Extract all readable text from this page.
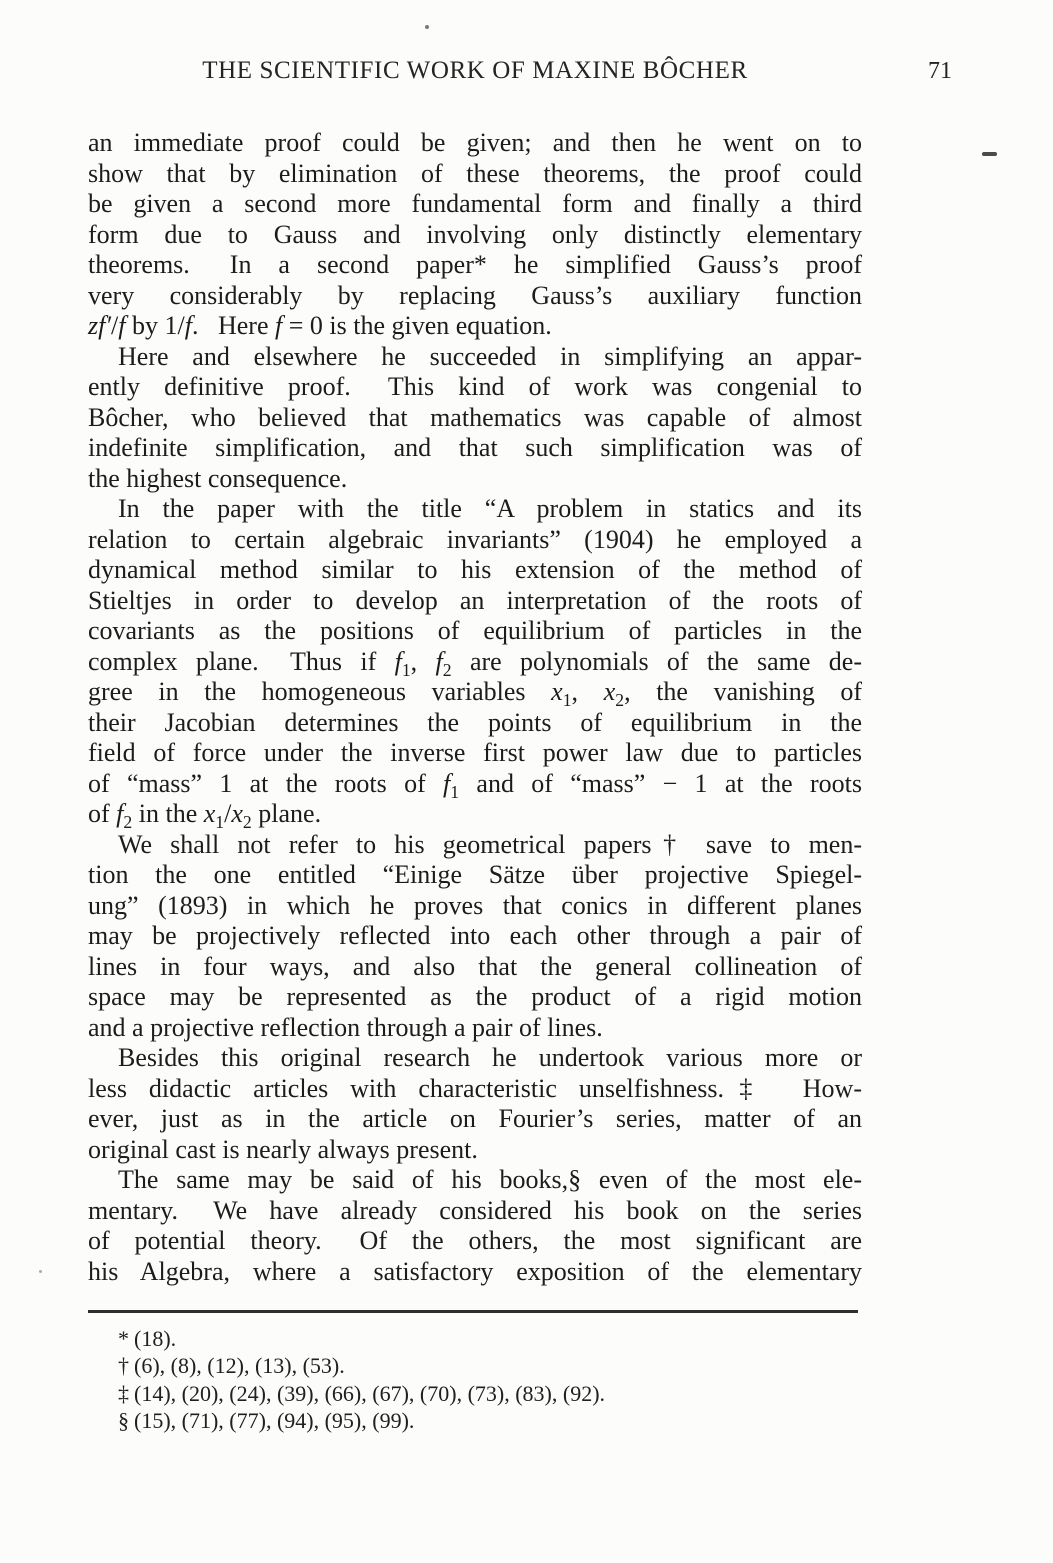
THE SCIENTIFIC WORK OF MAXINE BÔCHER	71
an immediate proof could be given; and then he went on to
show that by elimination of these theorems, the proof could
be given a second more fundamental form and finally a third
form due to Gauss and involving only distinctly elementary
theorems.  In a second paper* he simplified Gauss’s proof
very considerably by replacing Gauss’s auxiliary function
zf′/f by 1/f.  Here f = 0 is the given equation.
Here and elsewhere he succeeded in simplifying an appar-
ently definitive proof.  This kind of work was congenial to
Bôcher, who believed that mathematics was capable of almost
indefinite simplification, and that such simplification was of
the highest consequence.
In the paper with the title “A problem in statics and its
relation to certain algebraic invariants” (1904) he employed a
dynamical method similar to his extension of the method of
Stieltjes in order to develop an interpretation of the roots of
covariants as the positions of equilibrium of particles in the
complex plane.  Thus if $f_1$, $f_2$ are polynomials of the same de-
gree in the homogeneous variables $x_1$, $x_2$, the vanishing of
their Jacobian determines the points of equilibrium in the
field of force under the inverse first power law due to particles
of “mass” 1 at the roots of $f_1$ and of “mass” − 1 at the roots
of $f_2$ in the $x_1/x_2$ plane.
We shall not refer to his geometrical papers† save to men-
tion the one entitled “Einige Sätze über projective Spiegel-
ung” (1893) in which he proves that conics in different planes
may be projectively reflected into each other through a pair of
lines in four ways, and also that the general collineation of
space may be represented as the product of a rigid motion
and a projective reflection through a pair of lines.
Besides this original research he undertook various more or
less didactic articles with characteristic unselfishness.‡  How-
ever, just as in the article on Fourier’s series, matter of an
original cast is nearly always present.
The same may be said of his books,§ even of the most ele-
mentary.  We have already considered his book on the series
of potential theory.  Of the others, the most significant are
his Algebra, where a satisfactory exposition of the elementary
* (18).
† (6), (8), (12), (13), (53).
‡ (14), (20), (24), (39), (66), (67), (70), (73), (83), (92).
§ (15), (71), (77), (94), (95), (99).
